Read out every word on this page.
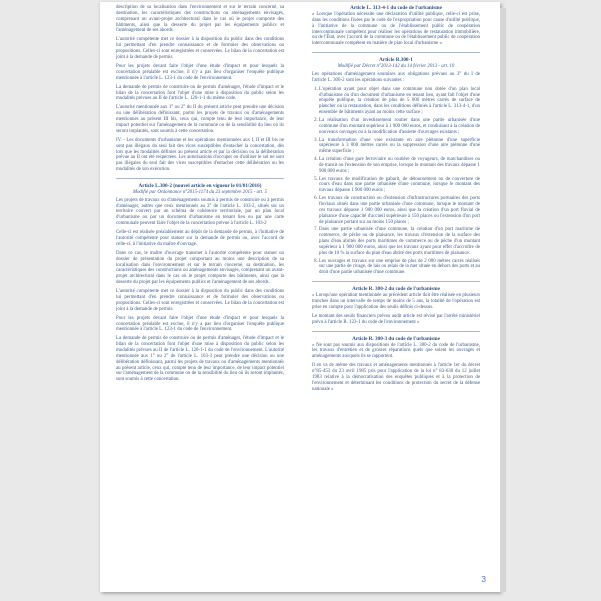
description de sa localisation dans l'environnement et sur le terrain concerné, sa destination, les caractéristiques des constructions ou aménagements envisagés, comprenant un avant-projet architectural dans le cas où le projet comporte des bâtiments, ainsi que la desserte du projet par les équipements publics et l'aménagement de ses abords.

L'autorité compétente met ce dossier à la disposition du public dans des conditions lui permettant d'en prendre connaissance et de formuler des observations ou propositions. Celles-ci sont enregistrées et conservées. Le bilan de la concertation est joint à la demande de permis.

Pour les projets devant faire l'objet d'une étude d'impact et pour lesquels la concertation préalable est exclue, il n'y a pas lieu d'organiser l'enquête publique mentionnée à l'article L. 123-1 du code de l'environnement.

La demande de permis de construire ou de permis d'aménager, l'étude d'impact et le bilan de la concertation font l'objet d'une mise à disposition du public selon les modalités prévues au II de l'article L. 120-1-1 du même code.

L'autorité mentionnée aux 1° ou 2° du II du présent article peut prendre une décision ou une délibération définissant, parmi les projets de travaux ou d'aménagements mentionnés au présent III bis, ceux qui, compte tenu de leur importance, de leur impact potentiel sur l'aménagement de la commune ou de la sensibilité du lieu où ils seront implantés, sont soumis à cette concertation.

IV. - Les documents d'urbanisme et les opérations mentionnées aux I, II et III bis ne sont pas illégaux du seul fait des vices susceptibles d'entacher la concertation, dès lors que les modalités définies au présent article et par la décision ou la délibération prévue au II ont été respectées. Les autorisations d'occuper ou d'utiliser le sol ne sont pas illégales du seul fait des vices susceptibles d'entacher cette délibération ou les modalités de son exécution.

Article L.300-2 (nouvel article en vigueur le 01/01/2016)
Modifié par Ordonnance n°2015-1174 du 23 septembre 2015 - art. 5

Les projets de travaux ou d'aménagements soumis à permis de construire ou à permis d'aménager, autres que ceux mentionnés au 3° de l'article L. 103-2, situés sur un territoire couvert par un schéma de cohérence territoriale, par un plan local d'urbanisme ou par un document d'urbanisme en tenant lieu ou par une carte communale peuvent faire l'objet de la concertation prévue à l'article L. 103-2

Celle-ci est réalisée préalablement au dépôt de la demande de permis, à l'initiative de l'autorité compétente pour statuer sur la demande de permis ou, avec l'accord de celle-ci, à l'initiative du maître d'ouvrage.

Dans ce cas, le maître d'ouvrage transmet à l'autorité compétente pour statuer un dossier de présentation du projet comportant au moins une description de sa localisation dans l'environnement et sur le terrain concerné, sa destination, les caractéristiques des constructions ou aménagements envisagés, comprenant un avant-projet architectural dans le cas où le projet comporte des bâtiments, ainsi que la desserte du projet par les équipements publics et l'aménagement de ses abords.

L'autorité compétente met ce dossier à la disposition du public dans des conditions lui permettant d'en prendre connaissance et de formuler des observations ou propositions. Celles-ci sont enregistrées et conservées. Le bilan de la concertation est joint à la demande de permis.

Pour les projets devant faire l'objet d'une étude d'impact et pour lesquels la concertation préalable est exclue, il n'y a pas lieu d'organiser l'enquête publique mentionnée à l'article L. 123-1 du code de l'environnement.

La demande de permis de construire ou de permis d'aménager, l'étude d'impact et le bilan de la concertation font l'objet d'une mise à disposition du public selon les modalités prévues au II de l'article L. 120-1-1 du code de l'environnement. L'autorité mentionnée aux 1° ou 2° de l'article L. 103-3 peut prendre une décision ou une délibération définissant, parmi les projets de travaux ou d'aménagements mentionnés au présent article, ceux qui, compte tenu de leur importance, de leur impact potentiel sur l'aménagement de la commune ou de la sensibilité du lieu où ils seront implantés, sont soumis à cette concertation.

Article L. 313-4-1 du code de l'urbanisme

« Lorsque l'opération nécessite une déclaration d'utilité publique, celle-ci est prise, dans les conditions fixées par le code de l'expropriation pour cause d'utilité publique, à l'initiative de la commune ou de l'établissement public de coopération intercommunale compétent pour réaliser les opérations de restauration immobilière, ou de l'État, avec l'accord de la commune ou de l'établissement public de coopération intercommunale compétent en matière de plan local d'urbanisme »

Article R.300-1
Modifié par Décret n°2013-142 du 14 février 2013 - art. 10

Les opérations d'aménagement soumises aux obligations prévues au 3° du I de l'article L. 300-2 sont les opérations suivantes :

1. L'opération ayant pour objet dans une commune non dotée d'un plan local d'urbanisme ou d'un document d'urbanisme en tenant lieu, ayant fait l'objet d'une enquête publique, la création de plus de 5 000 mètres carrés de surface de plancher ou la restauration, dans les conditions définies à l'article L. 313-4-1, d'un ensemble de bâtiments ayant au moins cette surface ;
2. La réalisation d'un investissement routier dans une partie urbanisée d'une commune d'un montant supérieur à 1 900 000 euros, et conduisant à la création de nouveaux ouvrages ou à la modification d'assiette d'ouvrages existants ;
3. La transformation d'une voie existante en aire piétonne d'une superficie supérieure à 3 000 mètres carrés ou la suppression d'une aire piétonne d'une même superficie ;
4. La création d'une gare ferroviaire ou routière de voyageurs, de marchandises ou de transit ou l'extension de son emprise, lorsque le montant des travaux dépasse 1 900 000 euros ;
5. Les travaux de modification de gabarit, de détournement ou de couverture de cours d'eau dans une partie urbanisée d'une commune, lorsque le montant des travaux dépasse 1 900 000 euros ;
6. Les travaux de construction ou d'extension d'infrastructures portuaires des ports fluviaux situés dans une partie urbanisée d'une commune, lorsque le montant de ces travaux dépasse 1 900 000 euros, ainsi que la création d'un port fluvial de plaisance d'une capacité d'accueil supérieure à 150 places ou l'extension d'un port de plaisance portant sur au moins 150 places ;
7. Dans une partie urbanisée d'une commune, la création d'un port maritime de commerce, de pêche ou de plaisance, les travaux d'extension de la surface des plans d'eau abrités des ports maritimes de commerce ou de pêche d'un montant supérieur à 1 900 000 euros, ainsi que les travaux ayant pour effet d'accroître de plus de 10 % la surface du plan d'eau abrité des ports maritimes de plaisance.
8. Les ouvrages et travaux sur une emprise de plus de 2 000 mètres carrés réalisés sur une partie de rivage, de lais ou relais de la mer située en dehors des ports et au droit d'une partie urbanisée d'une commune.
Article R. 300-2 du code de l'urbanisme

« Lorsqu'une opération mentionnée au précédent article doit être réalisée en plusieurs tranches dans un intervalle de temps de moins de 5 ans, la totalité de l'opération est prise en compte pour l'application des seuils définis ci-dessus.

Le montant des seuils financiers prévus audit article est révisé par l'arrêté ministériel prévu à l'article R. 123-1 du code de l'environnement »

Article R. 300-3 du code de l'urbanisme

« Ne sont pas soumis aux dispositions de l'article L. 300-2 du code de l'urbanisme, les travaux d'entretien et de grosses réparations quels que soient les ouvrages et aménagements auxquels ils se rapportent.

Il en va de même des travaux et aménagements mentionnés à l'article 1er du décret n°85-453 du 23 avril 1985 pris pour l'application de la loi n° 83-630 du 12 juillet 1983 relative à la démocratisation des enquêtes publiques et à la protection de l'environnement et déterminant les conditions de protection du secret de la défense nationale »

3
